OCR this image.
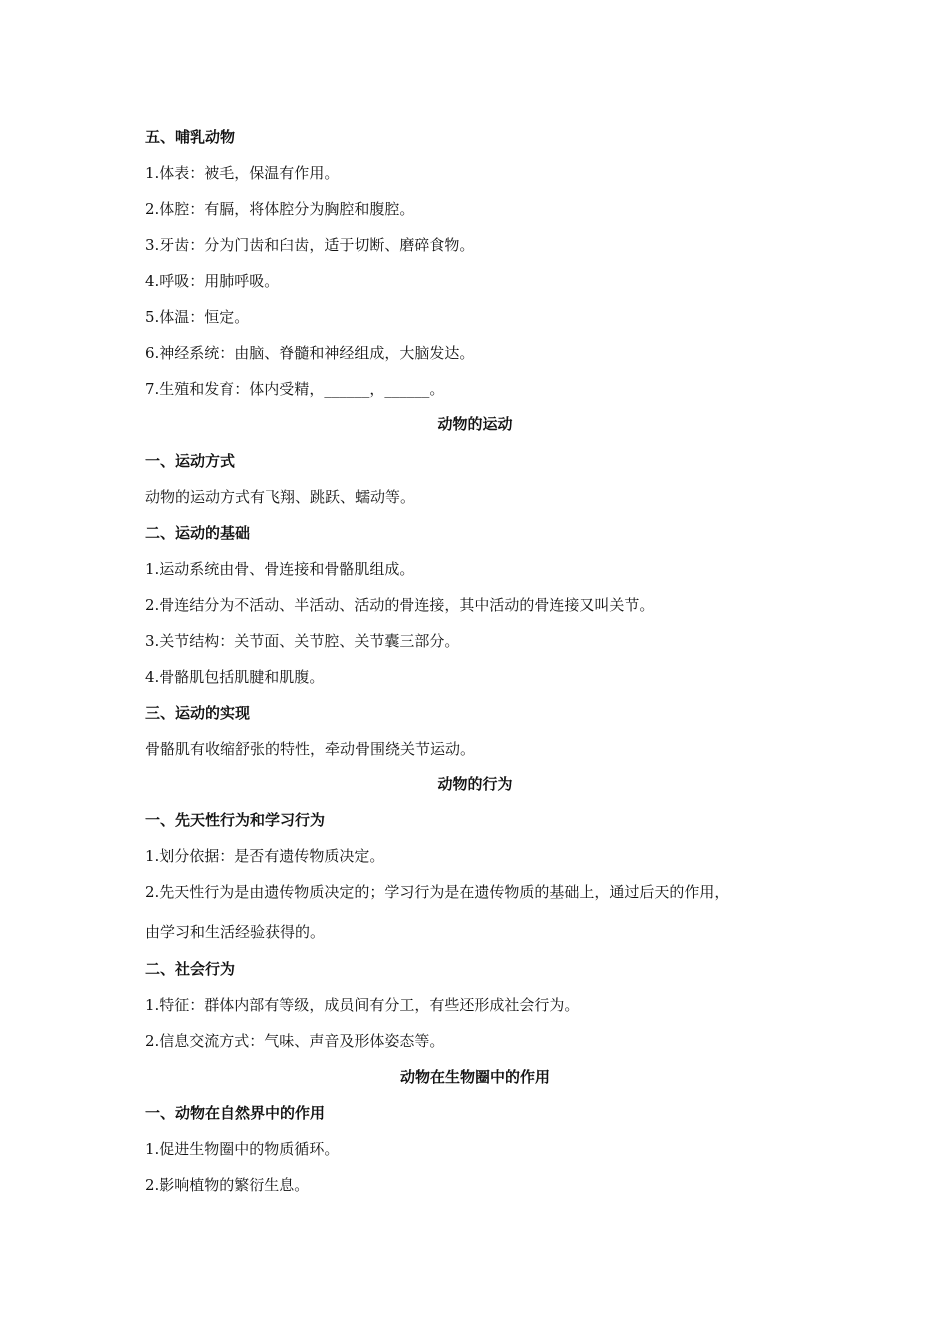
五、哺乳动物
1.体表：被毛，保温有作用。
2.体腔：有膈，将体腔分为胸腔和腹腔。
3.牙齿：分为门齿和臼齿，适于切断、磨碎食物。
4.呼吸：用肺呼吸。
5.体温：恒定。
6.神经系统：由脑、脊髓和神经组成，大脑发达。
7.生殖和发育：体内受精，______，______。
动物的运动
一、运动方式
动物的运动方式有飞翔、跳跃、蠕动等。
二、运动的基础
1.运动系统由骨、骨连接和骨骼肌组成。
2.骨连结分为不活动、半活动、活动的骨连接，其中活动的骨连接又叫关节。
3.关节结构：关节面、关节腔、关节囊三部分。
4.骨骼肌包括肌腱和肌腹。
三、运动的实现
骨骼肌有收缩舒张的特性，牵动骨围绕关节运动。
动物的行为
一、先天性行为和学习行为
1.划分依据：是否有遗传物质决定。
2.先天性行为是由遗传物质决定的；学习行为是在遗传物质的基础上，通过后天的作用，
由学习和生活经验获得的。
二、社会行为
1.特征：群体内部有等级，成员间有分工，有些还形成社会行为。
2.信息交流方式：气味、声音及形体姿态等。
动物在生物圈中的作用
一、动物在自然界中的作用
1.促进生物圈中的物质循环。
2.影响植物的繁衍生息。
